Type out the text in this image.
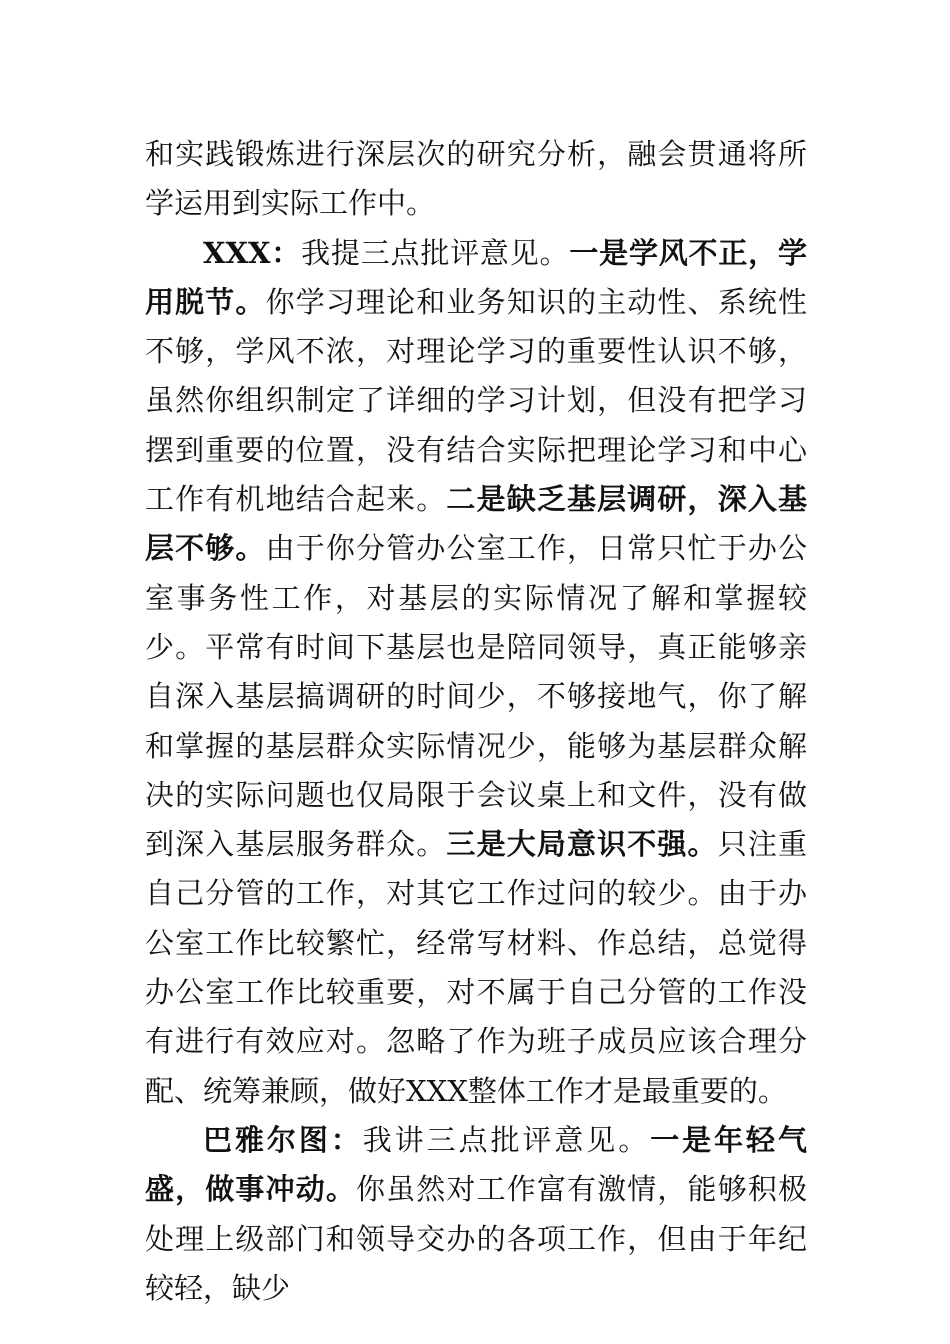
和实践锻炼进行深层次的研究分析，融会贯通将所学运用到实际工作中。

XXX：我提三点批评意见。一是学风不正，学用脱节。你学习理论和业务知识的主动性、系统性不够，学风不浓，对理论学习的重要性认识不够，虽然你组织制定了详细的学习计划，但没有把学习摆到重要的位置，没有结合实际把理论学习和中心工作有机地结合起来。二是缺乏基层调研，深入基层不够。由于你分管办公室工作，日常只忙于办公室事务性工作，对基层的实际情况了解和掌握较少。平常有时间下基层也是陪同领导，真正能够亲自深入基层搞调研的时间少，不够接地气，你了解和掌握的基层群众实际情况少，能够为基层群众解决的实际问题也仅局限于会议桌上和文件，没有做到深入基层服务群众。三是大局意识不强。只注重自己分管的工作，对其它工作过问的较少。由于办公室工作比较繁忙，经常写材料、作总结，总觉得办公室工作比较重要，对不属于自己分管的工作没有进行有效应对。忽略了作为班子成员应该合理分配、统筹兼顾，做好XXX整体工作才是最重要的。

巴雅尔图：我讲三点批评意见。一是年轻气盛，做事冲动。你虽然对工作富有激情，能够积极处理上级部门和领导交办的各项工作，但由于年纪较轻，缺少
